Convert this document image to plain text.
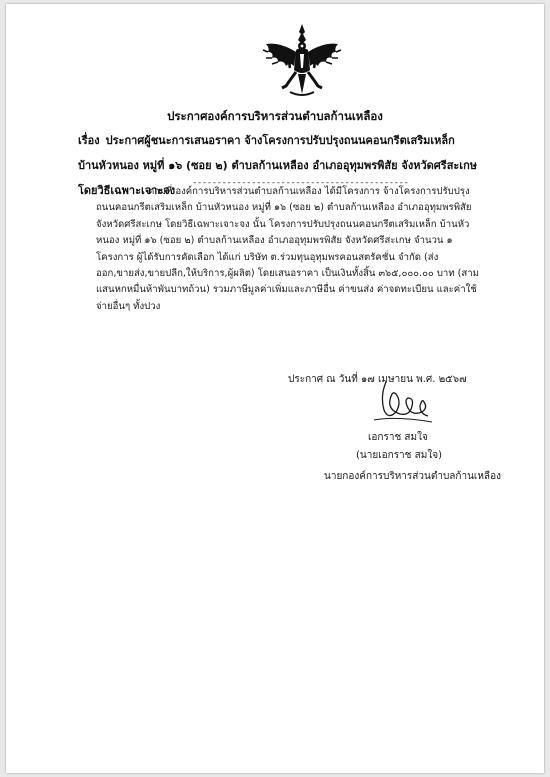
ประกาศองค์การบริหารส่วนตำบลก้านเหลือง
เรื่อง ประกาศผู้ชนะการเสนอราคา จ้างโครงการปรับปรุงถนนคอนกรีตเสริมเหล็ก บ้านหัวหนอง หมู่ที่ ๑๖ (ซอย ๒) ตำบลก้านเหลือง อำเภออุทุมพรพิสัย จังหวัดศรีสะเกษ โดยวิธีเฉพาะเจาะจง
--------------------------------------------

ตามที่ องค์การบริหารส่วนตำบลก้านเหลือง ได้มีโครงการ จ้างโครงการปรับปรุงถนนคอนกรีตเสริมเหล็ก บ้านหัวหนอง หมู่ที่ ๑๖ (ซอย ๒) ตำบลก้านเหลือง อำเภออุทุมพรพิสัย จังหวัดศรีสะเกษ โดยวิธีเฉพาะเจาะจง นั้น โครงการปรับปรุงถนนคอนกรีตเสริมเหล็ก บ้านหัวหนอง หมู่ที่ ๑๖ (ซอย ๒) ตำบลก้านเหลือง อำเภออุทุมพรพิสัย จังหวัดศรีสะเกษ จำนวน ๑ โครงการ ผู้ได้รับการคัดเลือก ได้แก่ บริษัท ต.ร่วมทุนอุทุมพรคอนสตรัคชั่น จำกัด (ส่งออก,ขายส่ง,ขายปลีก,ให้บริการ,ผู้ผลิต) โดยเสนอราคา เป็นเงินทั้งสิ้น ๓๖๕,๐๐๐.๐๐ บาท (สามแสนหกหมื่นห้าพันบาทถ้วน) รวมภาษีมูลค่าเพิ่มและภาษีอื่น ค่าขนส่ง ค่าจดทะเบียน และค่าใช้จ่ายอื่นๆ ทั้งปวง

ประกาศ ณ วันที่ ๑๗ เมษายน พ.ศ. ๒๕๖๗
เอกราช สมใจ
(นายเอกราช สมใจ)
นายกองค์การบริหารส่วนตำบลก้านเหลือง
